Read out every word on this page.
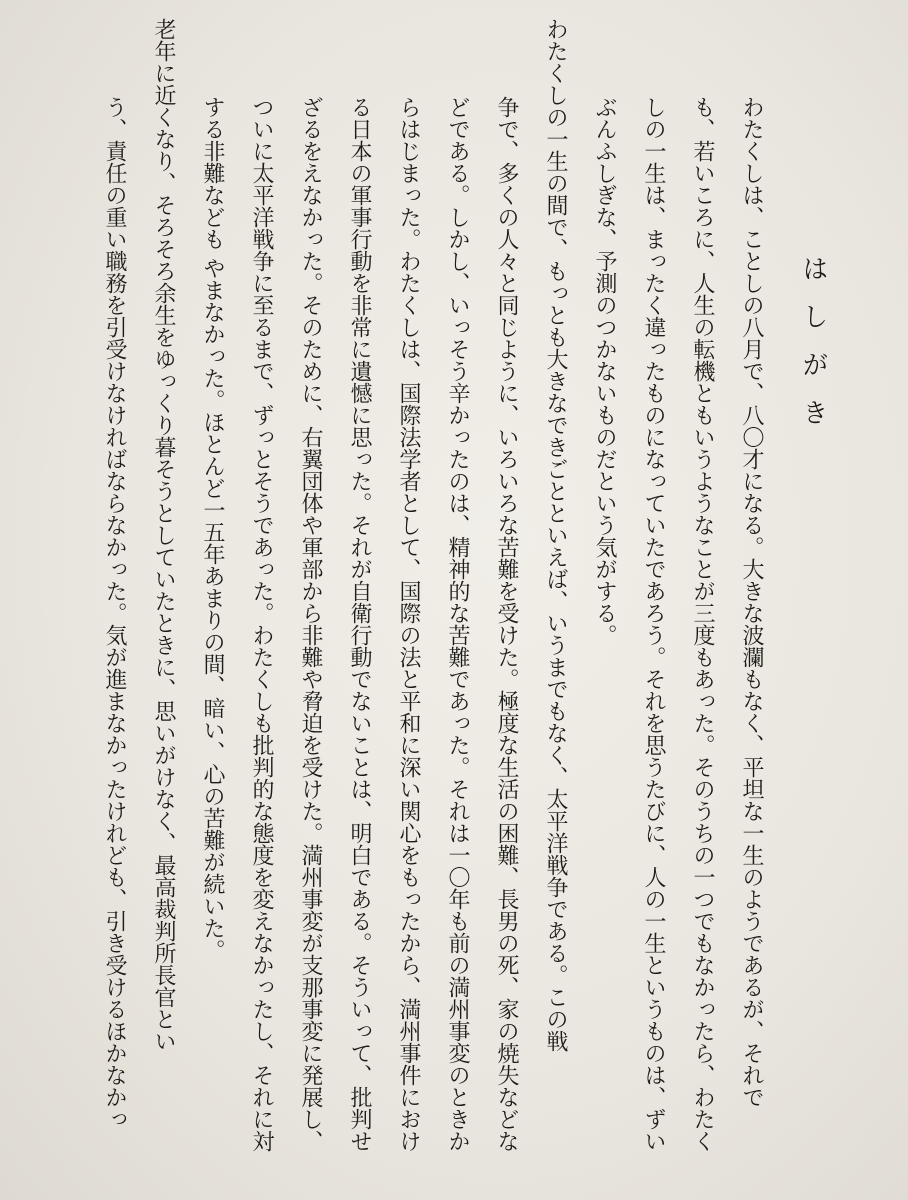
はしがき
わたくしは、ことしの八月で、八〇才になる。大きな波瀾もなく、平坦な一生のようであるが、それで
も、若いころに、人生の転機ともいうようなことが三度もあった。そのうちの一つでもなかったら、わたく
しの一生は、まったく違ったものになっていたであろう。それを思うたびに、人の一生というものは、ずい
ぶんふしぎな、予測のつかないものだという気がする。
わたくしの一生の間で、もっとも大きなできごとといえば、いうまでもなく、太平洋戦争である。この戦
争で、多くの人々と同じように、いろいろな苦難を受けた。極度な生活の困難、長男の死、家の焼失などな
どである。しかし、いっそう辛かったのは、精神的な苦難であった。それは一〇年も前の満州事変のときか
らはじまった。わたくしは、国際法学者として、国際の法と平和に深い関心をもったから、満州事件におけ
る日本の軍事行動を非常に遺憾に思った。それが自衛行動でないことは、明白である。そういって、批判せ
ざるをえなかった。そのために、右翼団体や軍部から非難や脅迫を受けた。満州事変が支那事変に発展し、
ついに太平洋戦争に至るまで、ずっとそうであった。わたくしも批判的な態度を変えなかったし、それに対
する非難なども やまなかった。ほとんど一五年あまりの間、暗い、心の苦難が続いた。
老年に近くなり、そろそろ余生をゆっくり暮そうとしていたときに、思いがけなく、最高裁判所長官とい
う、責任の重い職務を引受けなければならなかった。気が進まなかったけれども、引き受けるほかなかっ
